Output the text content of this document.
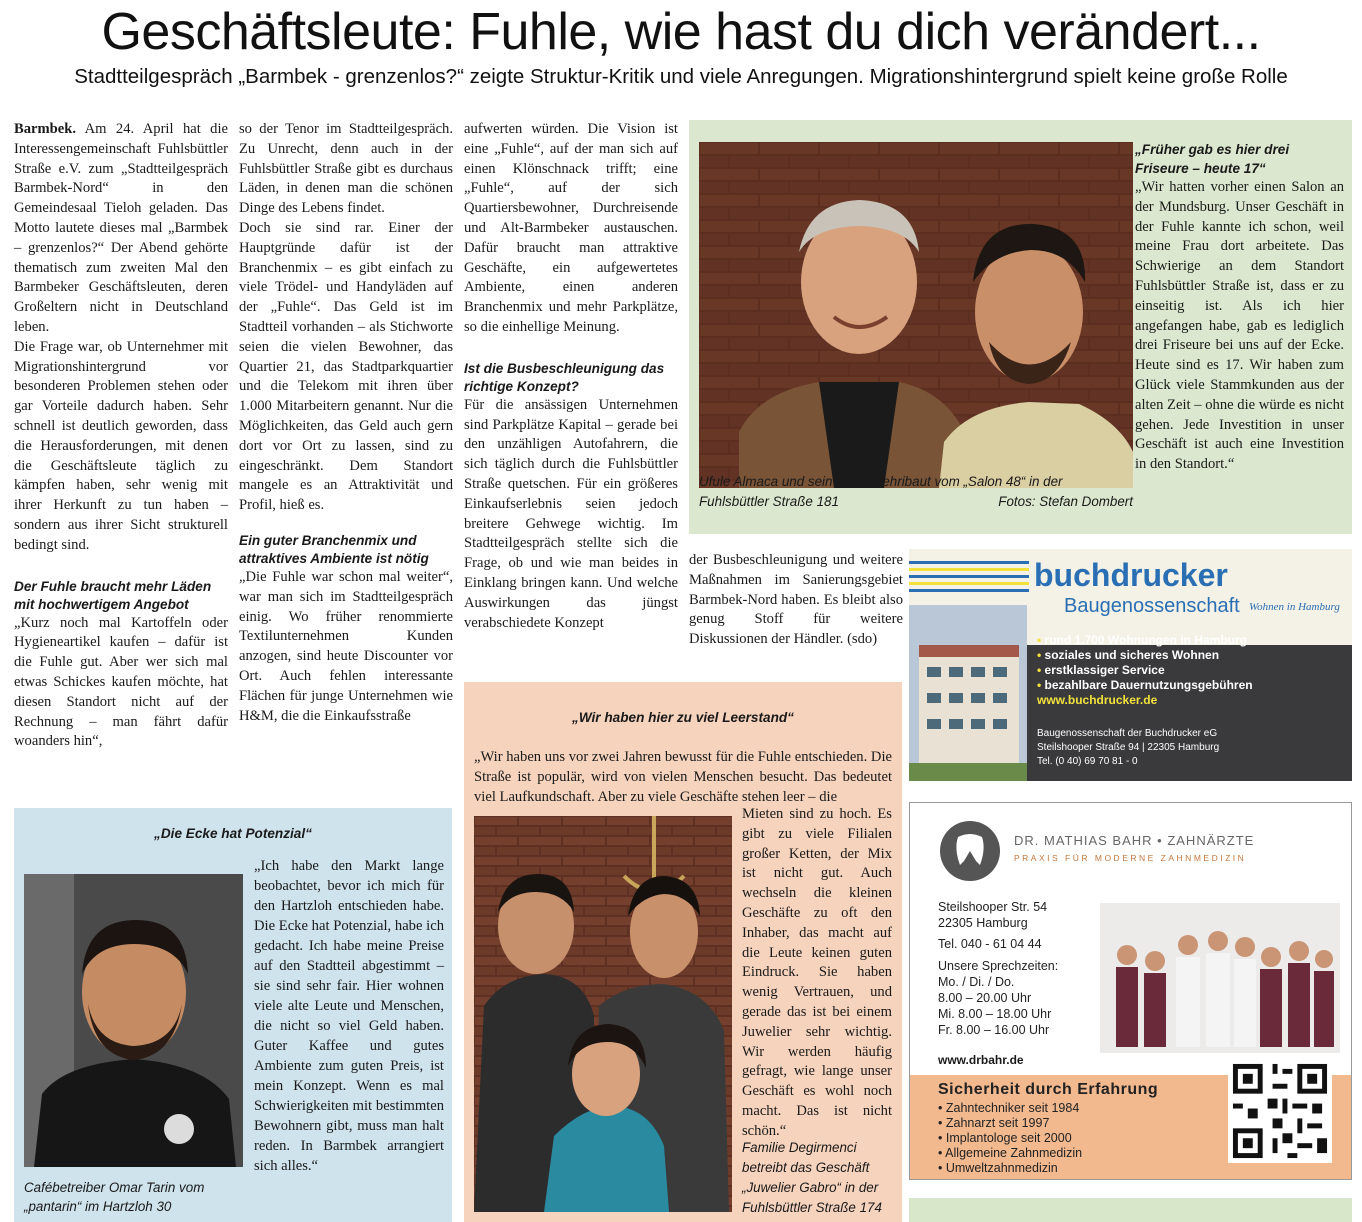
Geschäftsleute: Fuhle, wie hast du dich verändert...
Stadtteilgespräch „Barmbek - grenzenlos?“ zeigte Struktur-Kritik und viele Anregungen. Migrationshintergrund spielt keine große Rolle

Barmbek. Am 24. April hat die Interessengemeinschaft Fuhlsbüttler Straße e.V. zum „Stadtteilgespräch Barmbek-Nord“ in den Gemeindesaal Tieloh geladen. Das Motto lautete dieses mal „Barmbek – grenzenlos?“ Der Abend gehörte thematisch zum zweiten Mal den Barmbeker Geschäftsleuten, deren Großeltern nicht in Deutschland leben.

Die Frage war, ob Unternehmer mit Migrationshintergrund vor besonderen Problemen stehen oder gar Vorteile dadurch haben. Sehr schnell ist deutlich geworden, dass die Herausforderungen, mit denen die Geschäftsleute täglich zu kämpfen haben, sehr wenig mit ihrer Herkunft zu tun haben – sondern aus ihrer Sicht strukturell bedingt sind.

Der Fuhle braucht mehr Läden mit hochwertigem Angebot

„Kurz noch mal Kartoffeln oder Hygieneartikel kaufen – dafür ist die Fuhle gut. Aber wer sich mal etwas Schickes kaufen möchte, hat diesen Standort nicht auf der Rechnung – man fährt dafür woanders hin“,

so der Tenor im Stadtteilgespräch. Zu Unrecht, denn auch in der Fuhlsbüttler Straße gibt es durchaus Läden, in denen man die schönen Dinge des Lebens findet.

Doch sie sind rar. Einer der Hauptgründe dafür ist der Branchenmix – es gibt einfach zu viele Trödel- und Handyläden auf der „Fuhle“. Das Geld ist im Stadtteil vorhanden – als Stichworte seien die vielen Bewohner, das Quartier 21, das Stadtparkquartier und die Telekom mit ihren über 1.000 Mitarbeitern genannt. Nur die Möglichkeiten, das Geld auch gern dort vor Ort zu lassen, sind zu eingeschränkt. Dem Standort mangele es an Attraktivität und Profil, hieß es.

Ein guter Branchenmix und attraktives Ambiente ist nötig

„Die Fuhle war schon mal weiter“, war man sich im Stadtteilgespräch einig. Wo früher renommierte Textilunternehmen Kunden anzogen, sind heute Discounter vor Ort. Auch fehlen interessante Flächen für junge Unternehmen wie H&M, die die Einkaufsstraße

aufwerten würden. Die Vision ist eine „Fuhle“, auf der man sich auf einen Klönschnack trifft; eine „Fuhle“, auf der sich Quartiersbewohner, Durchreisende und Alt-Barmbeker austauschen. Dafür braucht man attraktive Geschäfte, ein aufgewertetes Ambiente, einen anderen Branchenmix und mehr Parkplätze, so die einhellige Meinung.

Ist die Busbeschleunigung das richtige Konzept?

Für die ansässigen Unternehmen sind Parkplätze Kapital – gerade bei den unzähligen Autofahrern, die sich täglich durch die Fuhlsbüttler Straße quetschen. Für ein größeres Einkaufserlebnis seien jedoch breitere Gehwege wichtig. Im Stadtteilgespräch stellte sich die Frage, ob und wie man beides in Einklang bringen kann. Und welche Auswirkungen das jüngst verabschiedete Konzept

der Busbeschleunigung und weitere Maßnahmen im Sanierungsgebiet Barmbek-Nord haben. Es bleibt also genug Stoff für weitere Diskussionen der Händler. (sdo)

Ufule Almaca und sein Sohn Mehribaut vom „Salon 48“ in der Fuhlsbüttler Straße 181	Fotos: Stefan Dombert
„Früher gab es hier drei Friseure – heute 17“
„Wir hatten vorher einen Salon an der Mundsburg. Unser Geschäft in der Fuhle kannte ich schon, weil meine Frau dort arbeitete. Das Schwierige an dem Standort Fuhlsbüttler Straße ist, dass er zu einseitig ist. Als ich hier angefangen habe, gab es lediglich drei Friseure bei uns auf der Ecke. Heute sind es 17. Wir haben zum Glück viele Stammkunden aus der alten Zeit – ohne die würde es nicht gehen. Jede Investition in unser Geschäft ist auch eine Investition in den Standort.“
„Die Ecke hat Potenzial“
Cafébetreiber Omar Tarin vom „pantarin“ im Hartzloh 30
„Ich habe den Markt lange beobachtet, bevor ich mich für den Hartzloh entschieden habe. Die Ecke hat Potenzial, habe ich gedacht. Ich habe meine Preise auf den Stadtteil abgestimmt – sie sind sehr fair. Hier wohnen viele alte Leute und Menschen, die nicht so viel Geld haben. Guter Kaffee und gutes Ambiente zum guten Preis, ist mein Konzept. Wenn es mal Schwierigkeiten mit bestimmten Bewohnern gibt, muss man halt reden. In Barmbek arrangiert sich alles.“
„Wir haben hier zu viel Leerstand“
„Wir haben uns vor zwei Jahren bewusst für die Fuhle entschieden. Die Straße ist populär, wird von vielen Menschen besucht. Das bedeutet viel Laufkundschaft. Aber zu viele Geschäfte stehen leer – die
Mieten sind zu hoch. Es gibt zu viele Filialen großer Ketten, der Mix ist nicht gut. Auch wechseln die kleinen Geschäfte zu oft den Inhaber, das macht auf die Leute keinen guten Eindruck. Sie haben wenig Vertrauen, und gerade das ist bei einem Juwelier sehr wichtig. Wir werden häufig gefragt, wie lange unser Geschäft es wohl noch macht. Das ist nicht schön.“
Familie Degirmenci betreibt das Geschäft „Juwelier Gabro“ in der Fuhlsbüttler Straße 174
buchdrucker
Baugenossenschaft Wohnen in Hamburg
• rund 1.700 Wohnungen in Hamburg
• soziales und sicheres Wohnen
• erstklassiger Service
• bezahlbare Dauernutzungsgebühren
www.buchdrucker.de
Baugenossenschaft der Buchdrucker eG
Steilshooper Straße 94 | 22305 Hamburg
Tel. (0 40) 69 70 81 - 0
DR. MATHIAS BAHR • ZAHNÄRZTE
PRAXIS FÜR MODERNE ZAHNMEDIZIN
Steilshooper Str. 54
22305 Hamburg
Tel. 040 - 61 04 44
Unsere Sprechzeiten:
Mo. / Di. / Do.
8.00 – 20.00 Uhr
Mi. 8.00 – 18.00 Uhr
Fr. 8.00 – 16.00 Uhr
www.drbahr.de
Sicherheit durch Erfahrung
• Zahntechniker seit 1984
• Zahnarzt seit 1997
• Implantologe seit 2000
• Allgemeine Zahnmedizin
• Umweltzahnmedizin
